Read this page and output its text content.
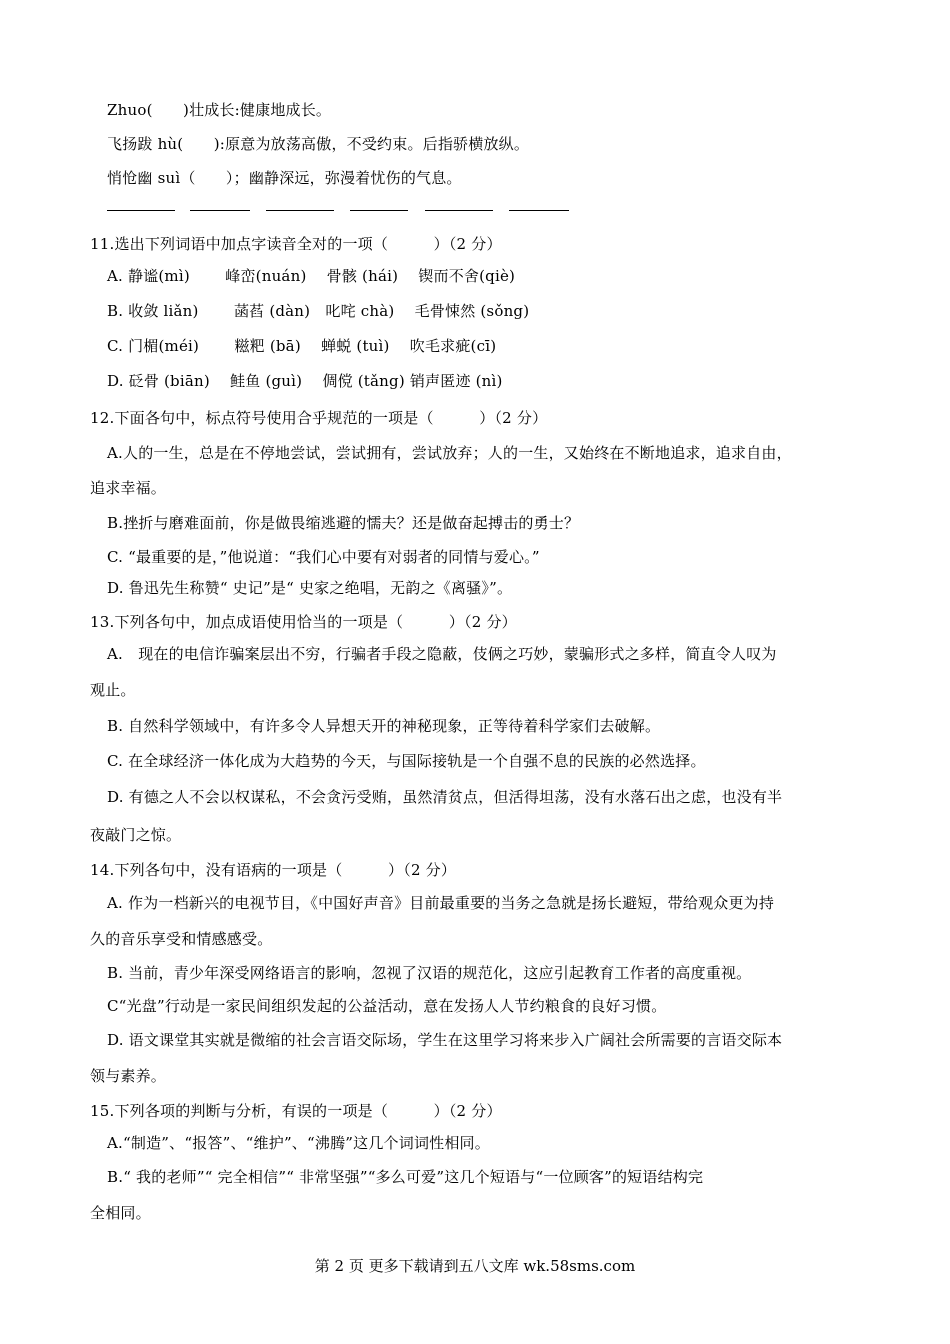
Zhuo(　　)壮成长:健康地成长。
飞扬跋 hù(　　):原意为放荡高傲，不受约束。后指骄横放纵。
悄怆幽 suì（　　）；幽静深远，弥漫着忧伤的气息。
11.选出下列词语中加点字读音全对的一项（　　　）（2 分）
A. 静谧(mì)　　 峰峦(nuán)　 骨骸 (hái)　 锲而不舍(qiè)
B. 收敛 liǎn)　　 菡萏 (dàn)　叱咤 chà)　 毛骨悚然 (sǒng)
C. 门楣(méi)　　 糍粑 (bā)　 蝉蜕 (tuì)　 吹毛求疵(cī)
D. 砭骨 (biān)　 鲑鱼 (guì)　 倜傥 (tǎng) 销声匿迹 (nì)
12.下面各句中，标点符号使用合乎规范的一项是（　　　）（2 分）
A.人的一生，总是在不停地尝试，尝试拥有，尝试放弃；人的一生，又始终在不断地追求，追求自由，
追求幸福。
B.挫折与磨难面前，你是做畏缩逃避的懦夫？还是做奋起搏击的勇士？
C. “最重要的是，”他说道：“我们心中要有对弱者的同情与爱心。”
D. 鲁迅先生称赞“ 史记”是“ 史家之绝唱，无韵之《离骚》”。
13.下列各句中，加点成语使用恰当的一项是（　　　）（2 分）
A.　现在的电信诈骗案层出不穷，行骗者手段之隐蔽，伎俩之巧妙，蒙骗形式之多样，简直令人叹为
观止。
B. 自然科学领域中，有许多令人异想天开的神秘现象，正等待着科学家们去破解。
C. 在全球经济一体化成为大趋势的今天，与国际接轨是一个自强不息的民族的必然选择。
D. 有德之人不会以权谋私，不会贪污受贿，虽然清贫点，但活得坦荡，没有水落石出之虑，也没有半
夜敲门之惊。
14.下列各句中，没有语病的一项是（　　　）（2 分）
A. 作为一档新兴的电视节目，《中国好声音》目前最重要的当务之急就是扬长避短，带给观众更为持
久的音乐享受和情感感受。
B. 当前，青少年深受网络语言的影响，忽视了汉语的规范化，这应引起教育工作者的高度重视。
C“光盘”行动是一家民间组织发起的公益活动，意在发扬人人节约粮食的良好习惯。
D. 语文课堂其实就是微缩的社会言语交际场，学生在这里学习将来步入广阔社会所需要的言语交际本
领与素养。
15.下列各项的判断与分析，有误的一项是（　　　）（2 分）
A.“制造”、“报答”、“维护”、“沸腾”这几个词词性相同。
B.“ 我的老师”“ 完全相信”“ 非常坚强”“多么可爱”这几个短语与“一位顾客”的短语结构完
全相同。
第 2 页 更多下载请到五八文库 wk.58sms.com
